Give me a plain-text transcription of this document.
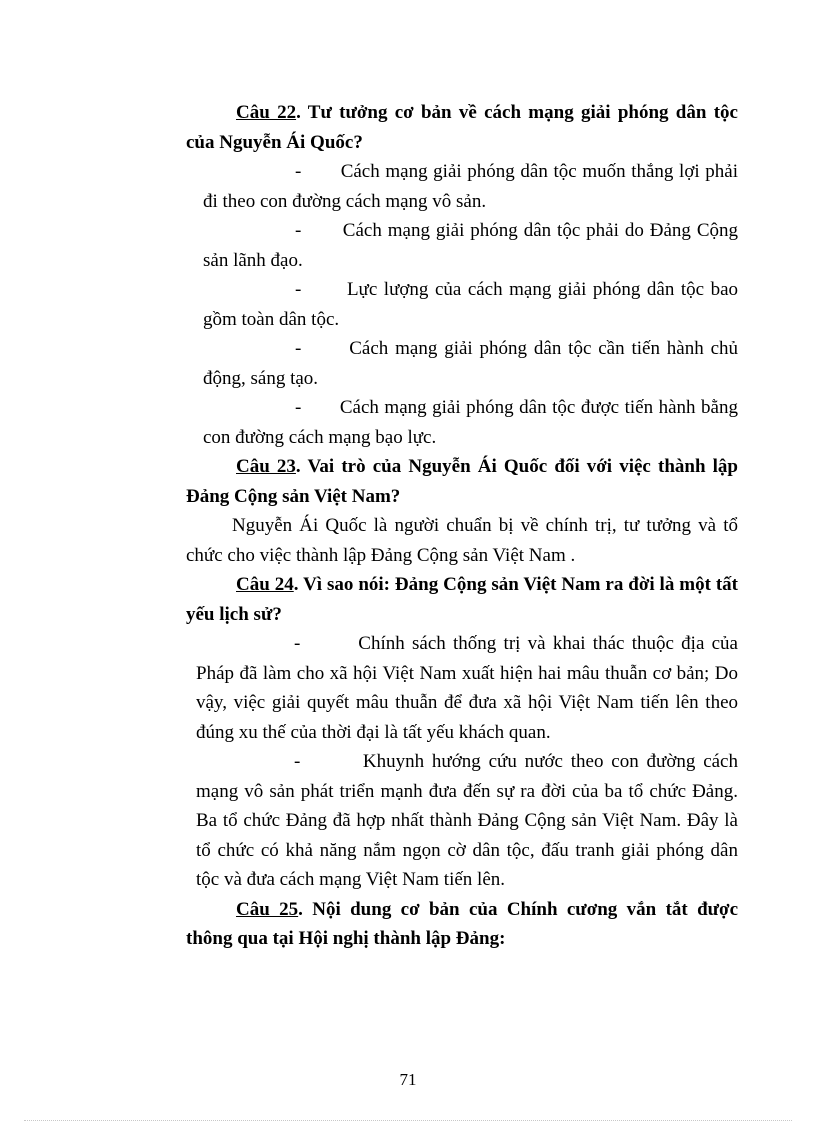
Câu 22. Tư tưởng cơ bản về cách mạng giải phóng dân tộc của Nguyễn Ái Quốc?

-       Cách mạng giải phóng dân tộc muốn thắng lợi phải đi theo con đường cách mạng vô sản.

-       Cách mạng giải phóng dân tộc phải do Đảng Cộng sản lãnh đạo.

-       Lực lượng của cách mạng giải phóng dân tộc bao gồm toàn dân tộc.

-       Cách mạng giải phóng dân tộc cần tiến hành chủ động, sáng tạo.

-       Cách mạng giải phóng dân tộc được tiến hành bằng con đường cách mạng bạo lực.

Câu 23. Vai trò của Nguyễn Ái Quốc đối với việc thành lập Đảng Cộng sản Việt Nam?

Nguyễn Ái Quốc là người chuẩn bị về chính trị, tư tưởng và tổ chức cho việc thành lập Đảng Cộng sản Việt Nam .

Câu 24. Vì sao nói: Đảng Cộng sản Việt Nam ra đời là một tất yếu lịch sử?

-        Chính sách thống trị và khai thác thuộc địa của Pháp đã làm cho xã hội Việt Nam xuất hiện hai mâu thuẫn cơ bản; Do vậy, việc giải quyết mâu thuẫn để đưa xã hội Việt Nam tiến lên theo đúng xu thế của thời đại là tất yếu khách quan.

-        Khuynh hướng cứu nước theo con đường cách mạng vô sản phát triển mạnh đưa đến sự ra đời của ba tổ chức Đảng. Ba tổ chức Đảng đã hợp nhất thành Đảng Cộng sản Việt Nam. Đây là tổ chức có khả năng nắm ngọn cờ dân tộc, đấu tranh giải phóng dân tộc và đưa cách mạng Việt Nam tiến lên.

Câu 25. Nội dung cơ bản của Chính cương vắn tắt được thông qua tại Hội nghị thành lập Đảng:

71
